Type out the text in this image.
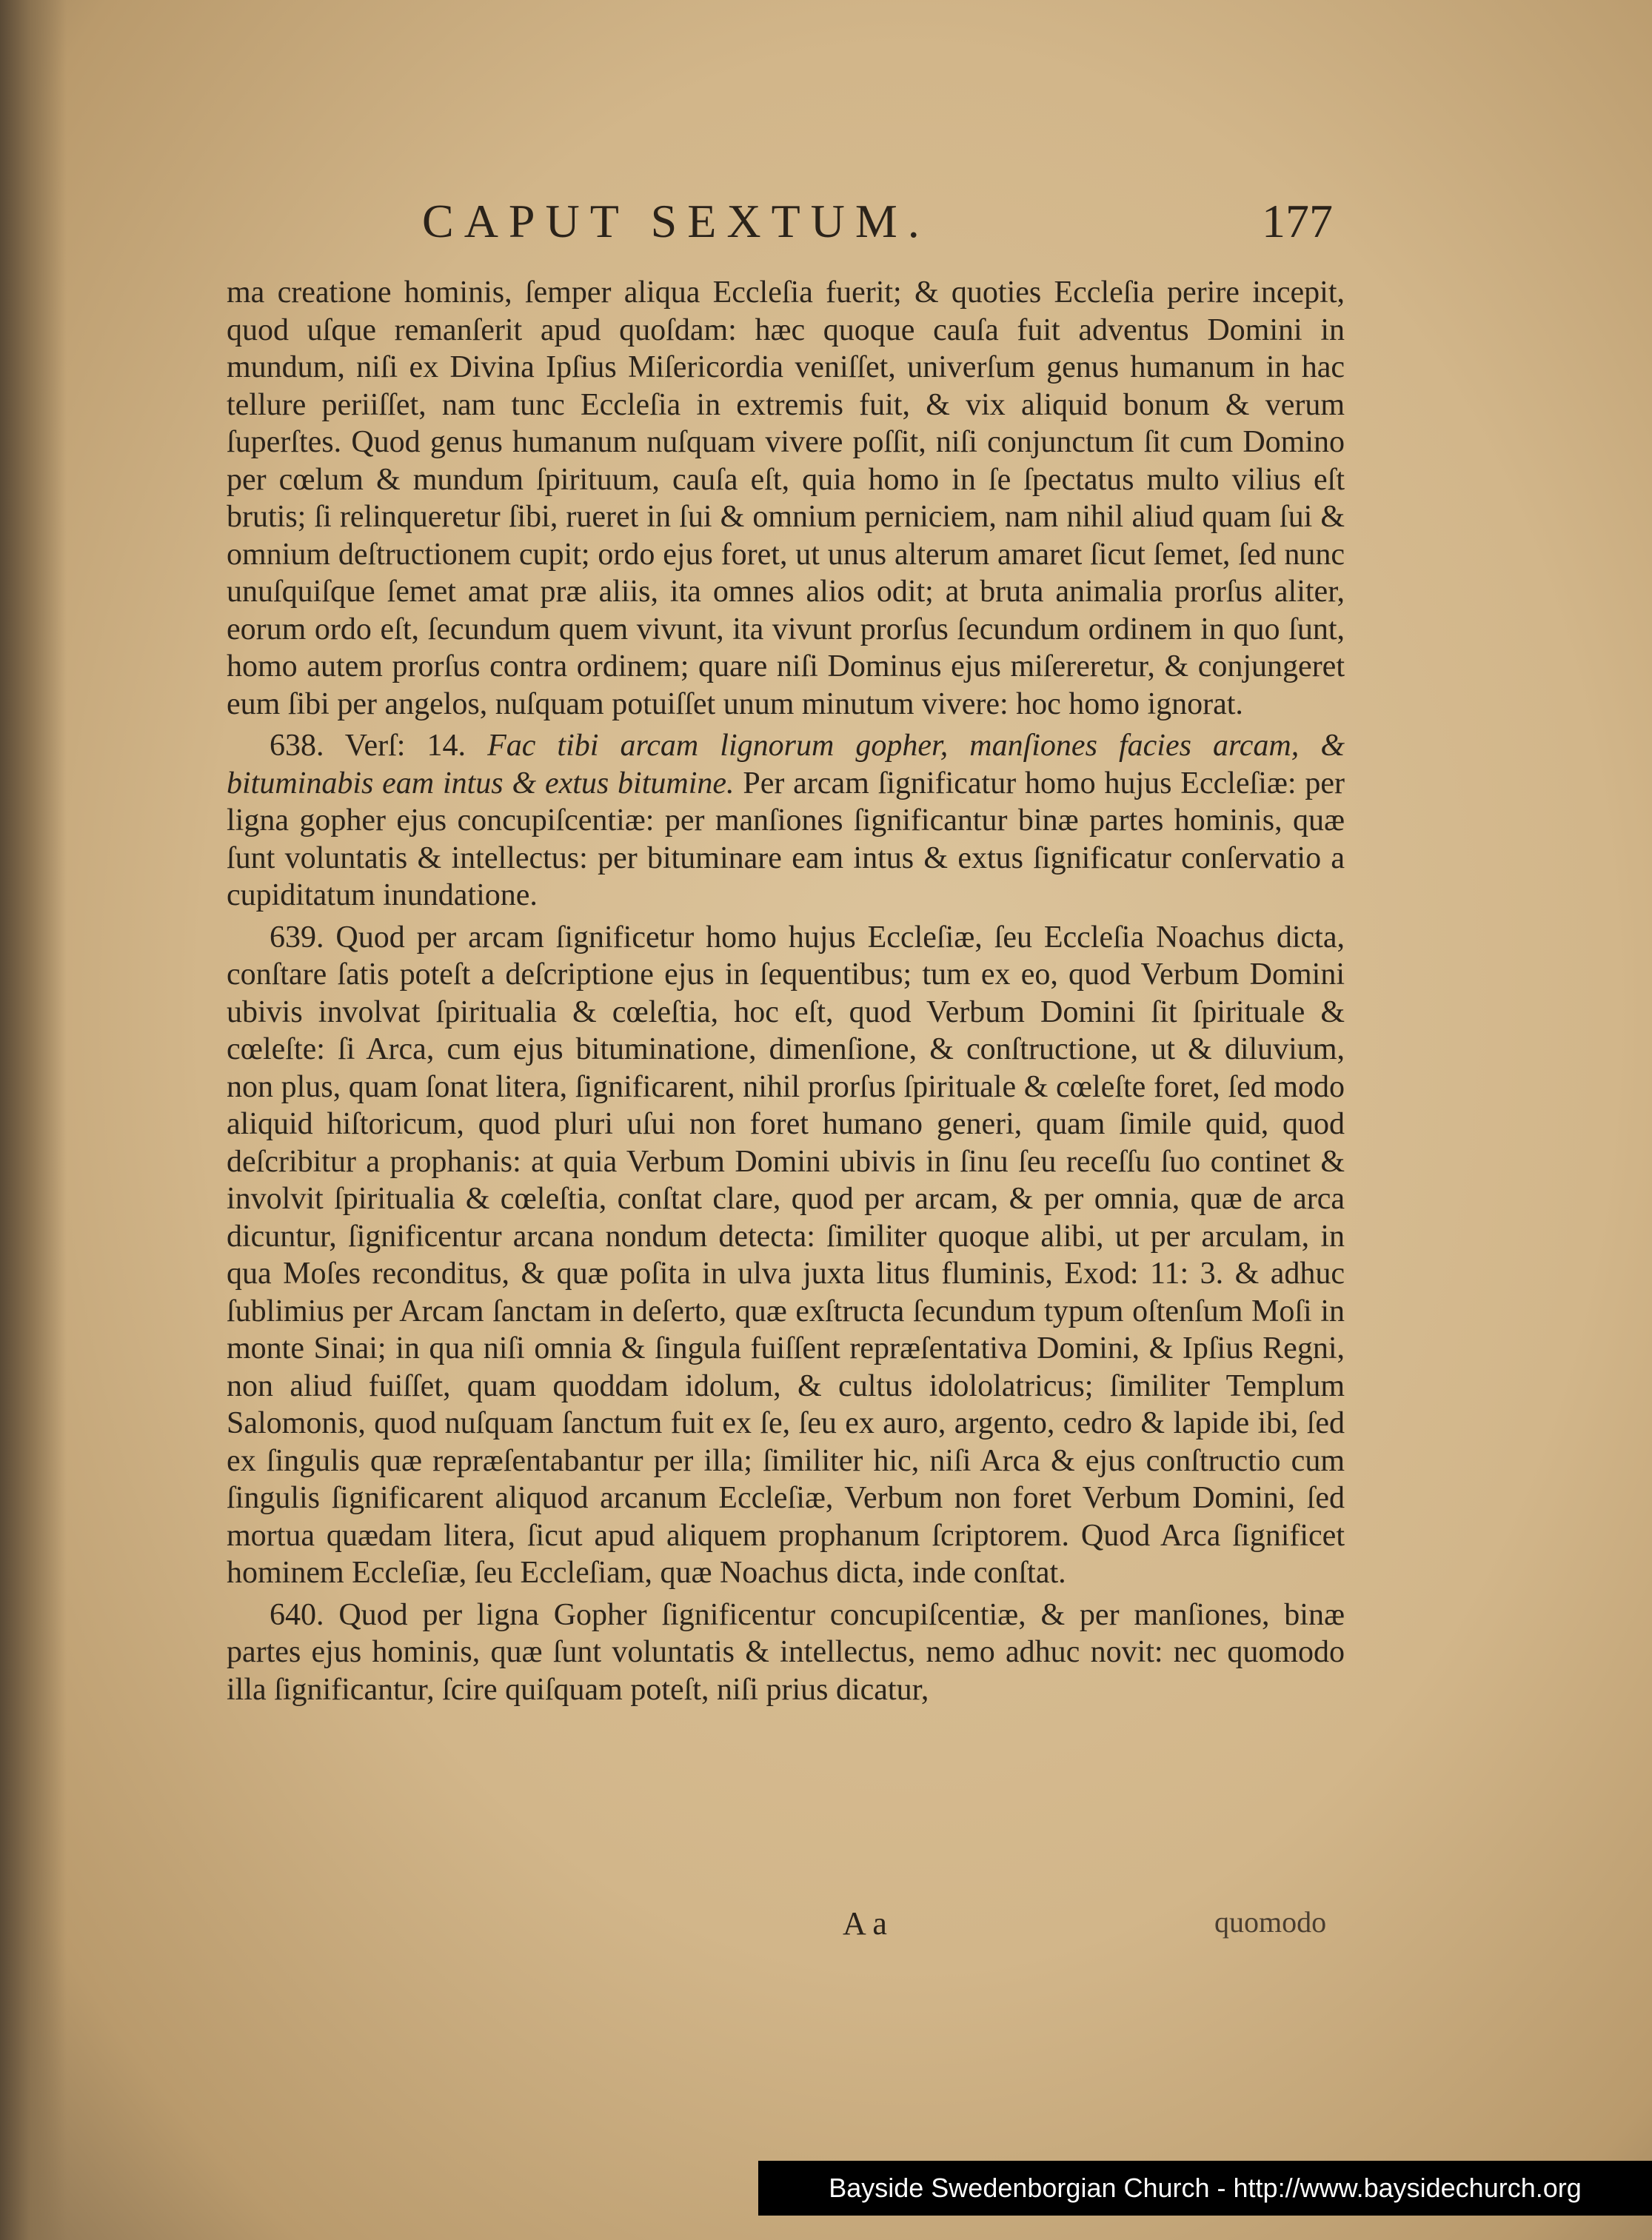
CAPUT SEXTUM.	177

ma creatione hominis, ſemper aliqua Eccleſia fuerit; & quoties Eccleſia perire incepit, quod uſque remanſerit apud quoſdam: hæc quoque cauſa fuit adventus Domini in mundum, niſi ex Divina Ipſius Miſericordia veniſſet, univerſum genus humanum in hac tellure periiſſet, nam tunc Eccleſia in extremis fuit, & vix aliquid bonum & verum ſuperſtes. Quod genus humanum nuſquam vivere poſſit, niſi conjunctum ſit cum Domino per cœlum & mundum ſpirituum, cauſa eſt, quia homo in ſe ſpectatus multo vilius eſt brutis; ſi relinqueretur ſibi, rueret in ſui & omnium perniciem, nam nihil aliud quam ſui & omnium deſtructionem cupit; ordo ejus foret, ut unus alterum amaret ſicut ſemet, ſed nunc unuſquiſque ſemet amat præ aliis, ita omnes alios odit; at bruta animalia prorſus aliter, eorum ordo eſt, ſecundum quem vivunt, ita vivunt prorſus ſecundum ordinem in quo ſunt, homo autem prorſus contra ordinem; quare niſi Dominus ejus miſereretur, & conjungeret eum ſibi per angelos, nuſquam potuiſſet unum minutum vivere: hoc homo ignorat.

638. Verſ: 14. Fac tibi arcam lignorum gopher, manſiones facies arcam, & bituminabis eam intus & extus bitumine. Per arcam ſignificatur homo hujus Eccleſiæ: per ligna gopher ejus concupiſcentiæ: per manſiones ſignificantur binæ partes hominis, quæ ſunt voluntatis & intellectus: per bituminare eam intus & extus ſignificatur conſervatio a cupiditatum inundatione.

639. Quod per arcam ſignificetur homo hujus Eccleſiæ, ſeu Eccleſia Noachus dicta, conſtare ſatis poteſt a deſcriptione ejus in ſequentibus; tum ex eo, quod Verbum Domini ubivis involvat ſpiritualia & cœleſtia, hoc eſt, quod Verbum Domini ſit ſpirituale & cœleſte: ſi Arca, cum ejus bituminatione, dimenſione, & conſtructione, ut & diluvium, non plus, quam ſonat litera, ſignificarent, nihil prorſus ſpirituale & cœleſte foret, ſed modo aliquid hiſtoricum, quod pluri uſui non foret humano generi, quam ſimile quid, quod deſcribitur a prophanis: at quia Verbum Domini ubivis in ſinu ſeu receſſu ſuo continet & involvit ſpiritualia & cœleſtia, conſtat clare, quod per arcam, & per omnia, quæ de arca dicuntur, ſignificentur arcana nondum detecta: ſimiliter quoque alibi, ut per arculam, in qua Moſes reconditus, & quæ poſita in ulva juxta litus fluminis, Exod: 11: 3. & adhuc ſublimius per Arcam ſanctam in deſerto, quæ exſtructa ſecundum typum oſtenſum Moſi in monte Sinai; in qua niſi omnia & ſingula fuiſſent repræſentativa Domini, & Ipſius Regni, non aliud fuiſſet, quam quoddam idolum, & cultus idololatricus; ſimiliter Templum Salomonis, quod nuſquam ſanctum fuit ex ſe, ſeu ex auro, argento, cedro & lapide ibi, ſed ex ſingulis quæ repræſentabantur per illa; ſimiliter hic, niſi Arca & ejus conſtructio cum ſingulis ſignificarent aliquod arcanum Eccleſiæ, Verbum non foret Verbum Domini, ſed mortua quædam litera, ſicut apud aliquem prophanum ſcriptorem. Quod Arca ſignificet hominem Eccleſiæ, ſeu Eccleſiam, quæ Noachus dicta, inde conſtat.

640. Quod per ligna Gopher ſignificentur concupiſcentiæ, & per manſiones, binæ partes ejus hominis, quæ ſunt voluntatis & intellectus, nemo adhuc novit: nec quomodo illa ſignificantur, ſcire quiſquam poteſt, niſi prius dicatur,

A a	quomodo
Bayside Swedenborgian Church - http://www.baysidechurch.org
